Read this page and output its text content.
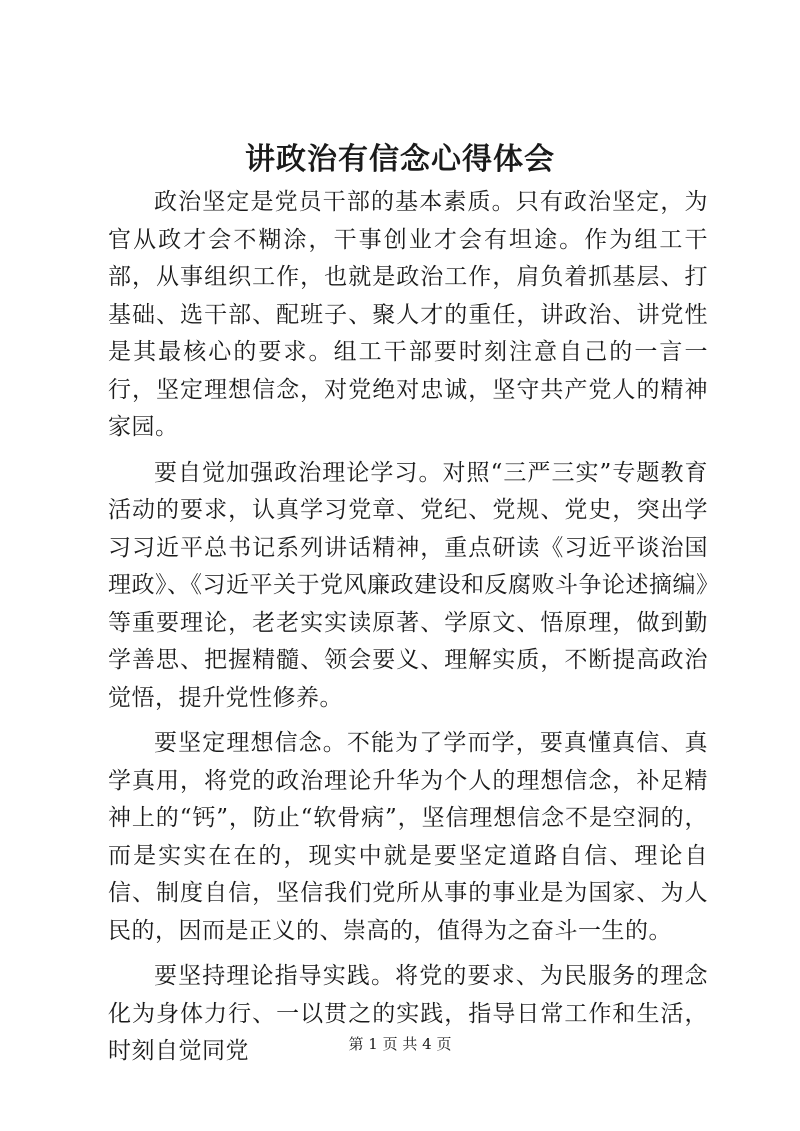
讲政治有信念心得体会

政治坚定是党员干部的基本素质。只有政治坚定，为官从政才会不糊涂，干事创业才会有坦途。作为组工干部，从事组织工作，也就是政治工作，肩负着抓基层、打基础、选干部、配班子、聚人才的重任，讲政治、讲党性是其最核心的要求。组工干部要时刻注意自己的一言一行，坚定理想信念，对党绝对忠诚，坚守共产党人的精神家园。

要自觉加强政治理论学习。对照“三严三实”专题教育活动的要求，认真学习党章、党纪、党规、党史，突出学习习近平总书记系列讲话精神，重点研读《习近平谈治国理政》、《习近平关于党风廉政建设和反腐败斗争论述摘编》等重要理论，老老实实读原著、学原文、悟原理，做到勤学善思、把握精髓、领会要义、理解实质，不断提高政治觉悟，提升党性修养。

要坚定理想信念。不能为了学而学，要真懂真信、真学真用，将党的政治理论升华为个人的理想信念，补足精神上的“钙”，防止“软骨病”，坚信理想信念不是空洞的，而是实实在在的，现实中就是要坚定道路自信、理论自信、制度自信，坚信我们党所从事的事业是为国家、为人民的，因而是正义的、崇高的，值得为之奋斗一生的。

要坚持理论指导实践。将党的要求、为民服务的理念化为身体力行、一以贯之的实践，指导日常工作和生活，时刻自觉同党	第 1 页 共 4 页
